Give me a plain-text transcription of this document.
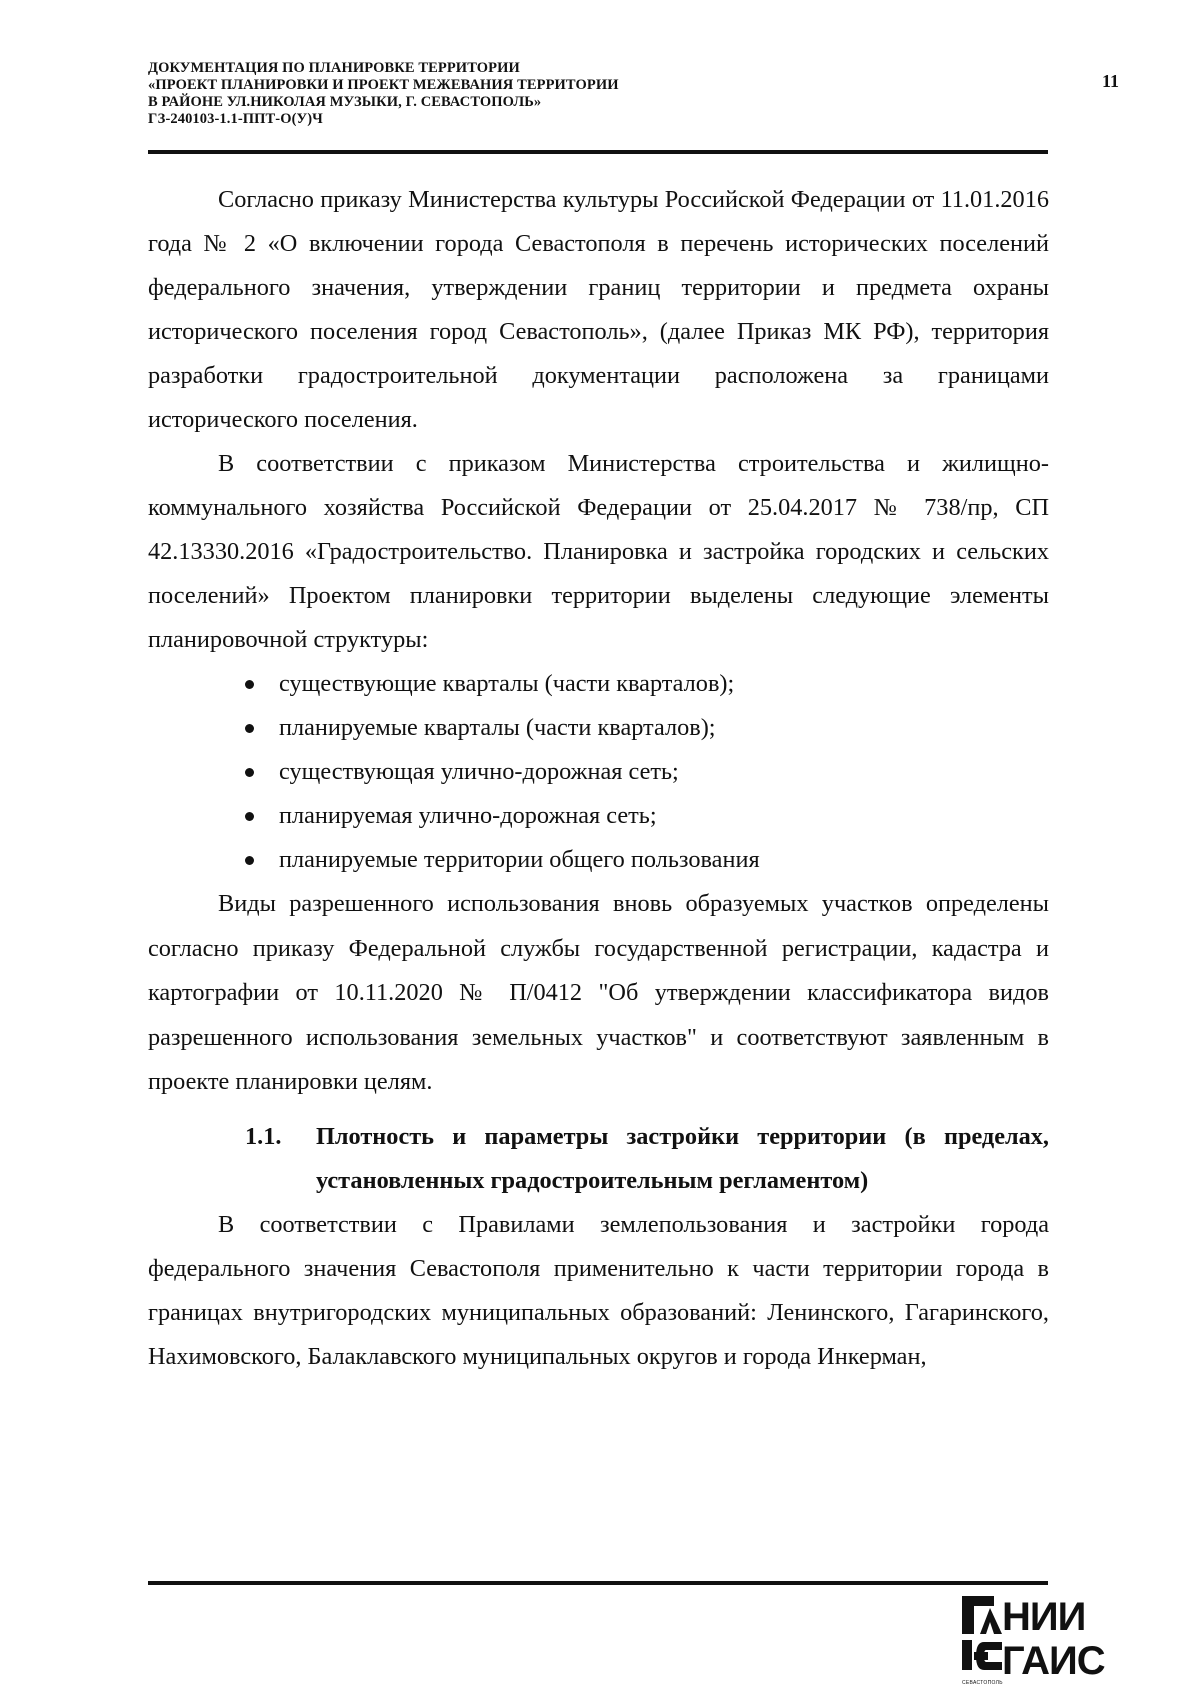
ДОКУМЕНТАЦИЯ ПО ПЛАНИРОВКЕ ТЕРРИТОРИИ
«ПРОЕКТ ПЛАНИРОВКИ И ПРОЕКТ МЕЖЕВАНИЯ ТЕРРИТОРИИ
В РАЙОНЕ УЛ.НИКОЛАЯ МУЗЫКИ, Г. СЕВАСТОПОЛЬ»
ГЗ-240103-1.1-ППТ-О(У)Ч
11

Согласно приказу Министерства культуры Российской Федерации от 11.01.2016 года № 2 «О включении города Севастополя в перечень исторических поселений федерального значения, утверждении границ территории и предмета охраны исторического поселения город Севастополь», (далее Приказ МК РФ), территория разработки градостроительной документации расположена за границами исторического поселения.

В соответствии с приказом Министерства строительства и жилищно-коммунального хозяйства Российской Федерации от 25.04.2017 № 738/пр, СП 42.13330.2016 «Градостроительство. Планировка и застройка городских и сельских поселений» Проектом планировки территории выделены следующие элементы планировочной структуры:

существующие кварталы (части кварталов);
планируемые кварталы (части кварталов);
существующая улично-дорожная сеть;
планируемая улично-дорожная сеть;
планируемые территории общего пользования

Виды разрешенного использования вновь образуемых участков определены согласно приказу Федеральной службы государственной регистрации, кадастра и картографии от 10.11.2020 № П/0412 "Об утверждении классификатора видов разрешенного использования земельных участков" и соответствуют заявленным в проекте планировки целям.

1.1. Плотность и параметры застройки территории (в пределах, установленных градостроительным регламентом)

В соответствии с Правилами землепользования и застройки города федерального значения Севастополя применительно к части территории города в границах внутригородских муниципальных образований: Ленинского, Гагаринского, Нахимовского, Балаклавского муниципальных округов и города Инкерман,

НИИ
ГАИС
СЕВАСТОПОЛЬ
